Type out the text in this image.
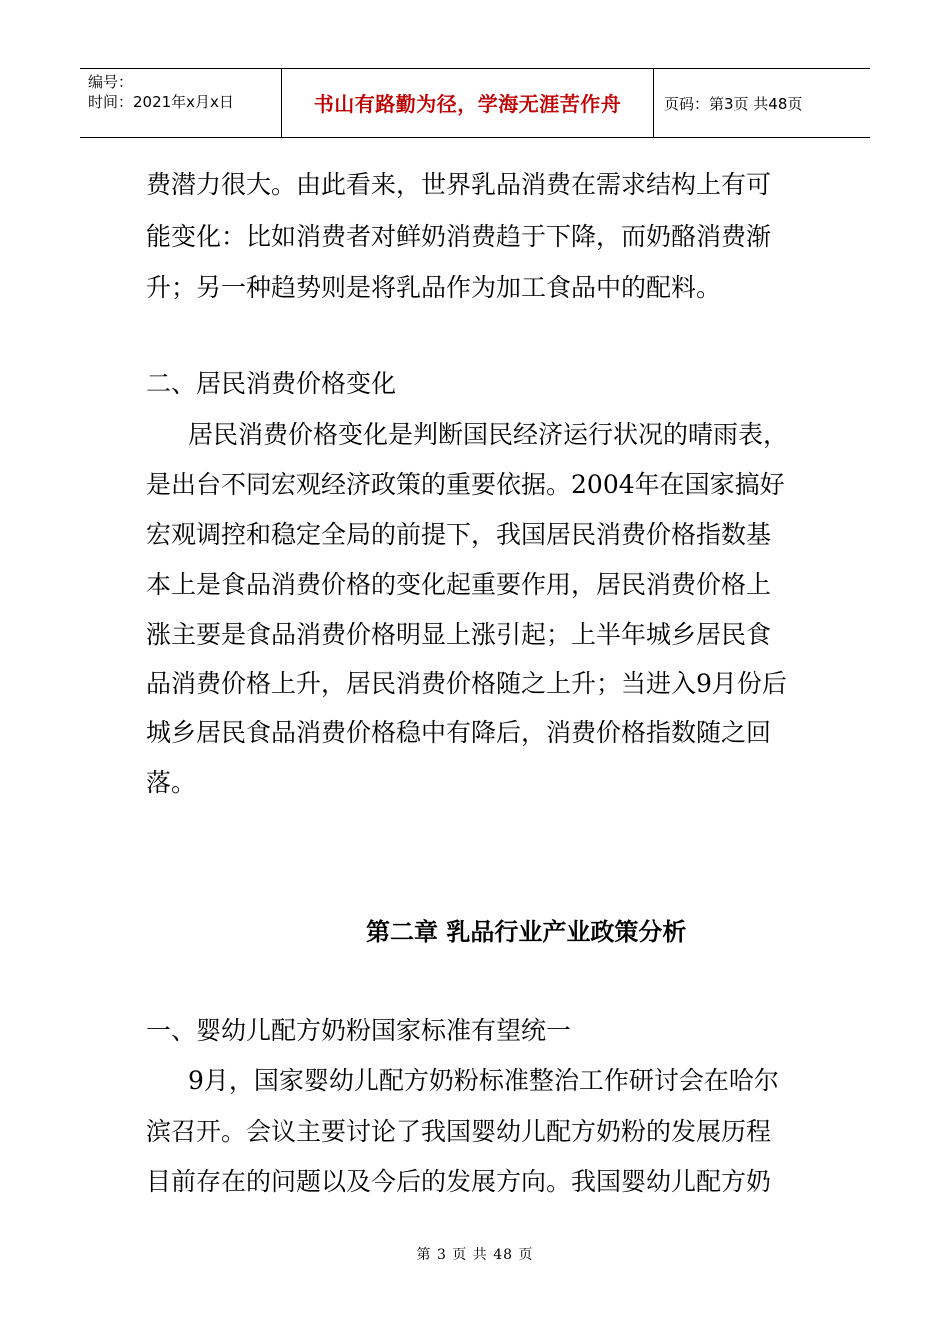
编号：
时间：2021年x月x日	书山有路勤为径，学海无涯苦作舟	页码：第3页 共48页
费潜力很大。由此看来，世界乳品消费在需求结构上有可
能变化：比如消费者对鲜奶消费趋于下降，而奶酪消费渐
升；另一种趋势则是将乳品作为加工食品中的配料。
二、居民消费价格变化
居民消费价格变化是判断国民经济运行状况的晴雨表，
是出台不同宏观经济政策的重要依据。2004年在国家搞好
宏观调控和稳定全局的前提下，我国居民消费价格指数基
本上是食品消费价格的变化起重要作用，居民消费价格上
涨主要是食品消费价格明显上涨引起；上半年城乡居民食
品消费价格上升，居民消费价格随之上升；当进入9月份后
城乡居民食品消费价格稳中有降后，消费价格指数随之回
落。
第二章 乳品行业产业政策分析
一、婴幼儿配方奶粉国家标准有望统一
9月，国家婴幼儿配方奶粉标准整治工作研讨会在哈尔
滨召开。会议主要讨论了我国婴幼儿配方奶粉的发展历程
目前存在的问题以及今后的发展方向。我国婴幼儿配方奶
第 3 页 共 48 页
